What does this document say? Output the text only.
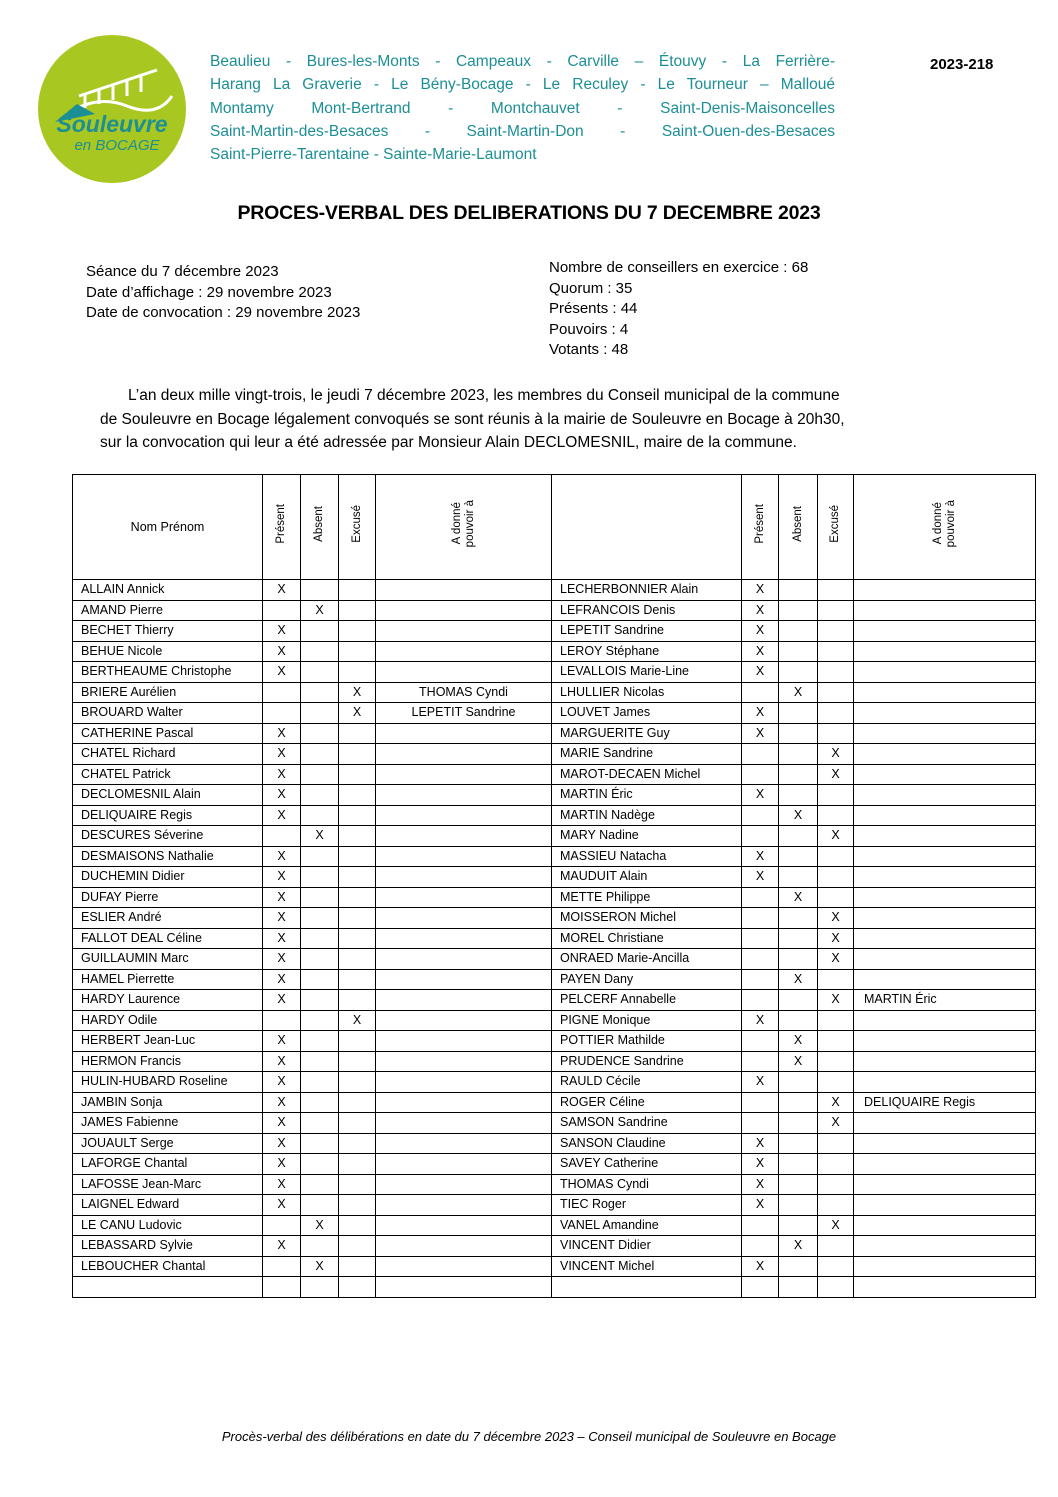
Souleuvre
en BOCAGE
Beaulieu - Bures-les-Monts - Campeaux - Carville – Étouvy - La Ferrière-
Harang La Graverie - Le Bény-Bocage - Le Reculey - Le Tourneur – Malloué
Montamy Mont-Bertrand - Montchauvet - Saint-Denis-Maisoncelles
Saint-Martin-des-Besaces - Saint-Martin-Don - Saint-Ouen-des-Besaces
Saint-Pierre-Tarentaine - Sainte-Marie-Laumont
2023-218
PROCES-VERBAL DES DELIBERATIONS DU 7 DECEMBRE 2023
Séance du 7 décembre 2023
Date d’affichage : 29 novembre 2023
Date de convocation : 29 novembre 2023
Nombre de conseillers en exercice : 68
Quorum : 35
Présents : 44
Pouvoirs : 4
Votants : 48
L’an deux mille vingt-trois, le jeudi 7 décembre 2023, les membres du Conseil municipal de la commune
de Souleuvre en Bocage légalement convoqués se sont réunis à la mairie de Souleuvre en Bocage à 20h30,
sur la convocation qui leur a été adressée par Monsieur Alain DECLOMESNIL, maire de la commune.
Nom Prénom	Présent	Absent	Excusé	A donné
pouvoir à		Présent	Absent	Excusé	A donné
pouvoir à
ALLAIN Annick	X				LECHERBONNIER Alain	X			
AMAND Pierre		X			LEFRANCOIS Denis	X			
BECHET Thierry	X				LEPETIT Sandrine	X			
BEHUE Nicole	X				LEROY Stéphane	X			
BERTHEAUME Christophe	X				LEVALLOIS Marie-Line	X			
BRIERE Aurélien			X	THOMAS Cyndi	LHULLIER Nicolas		X		
BROUARD Walter			X	LEPETIT Sandrine	LOUVET James	X			
CATHERINE Pascal	X				MARGUERITE Guy	X			
CHATEL Richard	X				MARIE Sandrine			X	
CHATEL Patrick	X				MAROT-DECAEN Michel			X	
DECLOMESNIL Alain	X				MARTIN Éric	X			
DELIQUAIRE Regis	X				MARTIN Nadège		X		
DESCURES Séverine		X			MARY Nadine			X	
DESMAISONS Nathalie	X				MASSIEU Natacha	X			
DUCHEMIN Didier	X				MAUDUIT Alain	X			
DUFAY Pierre	X				METTE Philippe		X		
ESLIER André	X				MOISSERON Michel			X	
FALLOT DEAL Céline	X				MOREL Christiane			X	
GUILLAUMIN Marc	X				ONRAED Marie-Ancilla			X	
HAMEL Pierrette	X				PAYEN Dany		X		
HARDY Laurence	X				PELCERF Annabelle			X	MARTIN Éric
HARDY Odile			X		PIGNE Monique	X			
HERBERT Jean-Luc	X				POTTIER Mathilde		X		
HERMON Francis	X				PRUDENCE Sandrine		X		
HULIN-HUBARD Roseline	X				RAULD Cécile	X			
JAMBIN Sonja	X				ROGER Céline			X	DELIQUAIRE Regis
JAMES Fabienne	X				SAMSON Sandrine			X	
JOUAULT Serge	X				SANSON Claudine	X			
LAFORGE Chantal	X				SAVEY Catherine	X			
LAFOSSE Jean-Marc	X				THOMAS Cyndi	X			
LAIGNEL Edward	X				TIEC Roger	X			
LE CANU Ludovic		X			VANEL Amandine			X	
LEBASSARD Sylvie	X				VINCENT Didier		X		
LEBOUCHER Chantal		X			VINCENT Michel	X			

Procès-verbal des délibérations en date du 7 décembre 2023 – Conseil municipal de Souleuvre en Bocage
